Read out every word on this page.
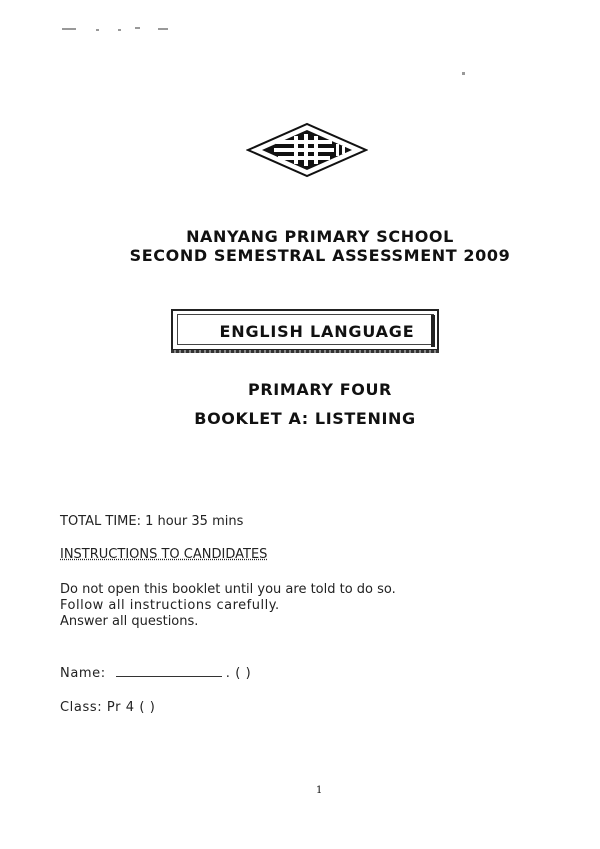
NANYANG PRIMARY SCHOOL
SECOND SEMESTRAL ASSESSMENT 2009
ENGLISH LANGUAGE
PRIMARY FOUR
BOOKLET A: LISTENING
TOTAL TIME: 1 hour 35 mins
INSTRUCTIONS TO CANDIDATES
Do not open this booklet until you are told to do so.
Follow all instructions carefully.
Answer all questions.
Name:	. ( )
Class: Pr 4 ( )
1
